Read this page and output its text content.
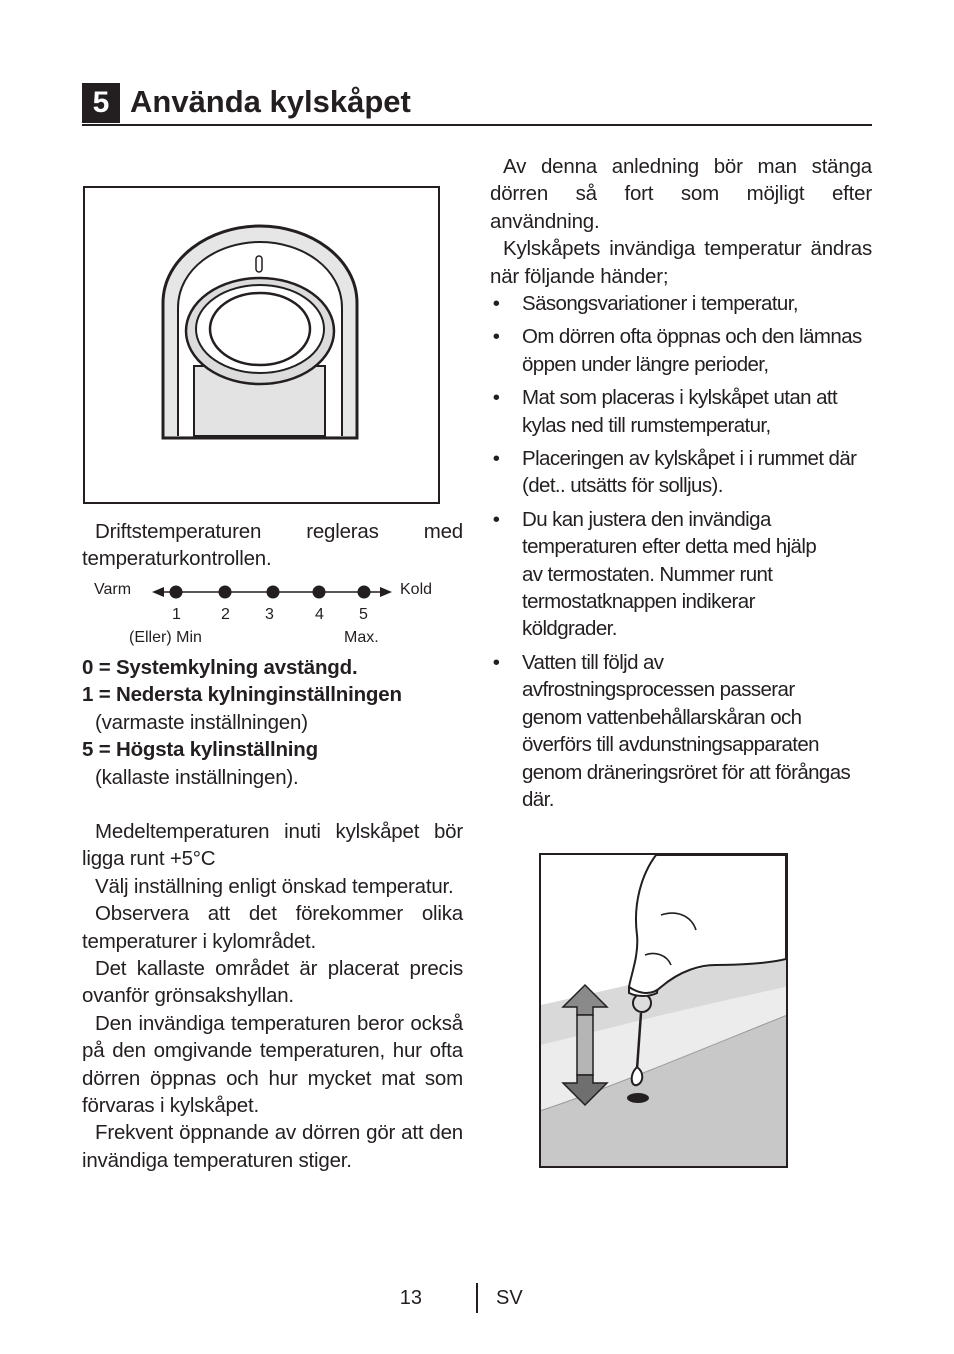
5 Använda kylskåpet

Driftstemperaturen regleras med temperaturkontrollen.

Varm	Kold
1	2 3	4 5
(Eller) Min	Max.
0 = Systemkylning avstängd.
1 = Nedersta kylninginställningen
(varmaste inställningen)
5 = Högsta kylinställning
(kallaste inställningen).

Medeltemperaturen inuti kylskåpet bör ligga runt +5°C

Välj inställning enligt önskad temperatur.

Observera att det förekommer olika temperaturer i kylområdet.

Det kallaste området är placerat precis ovanför grönsakshyllan.

Den invändiga temperaturen beror också på den omgivande temperaturen, hur ofta dörren öppnas och hur mycket mat som förvaras i kylskåpet.

Frekvent öppnande av dörren gör att den invändiga temperaturen stiger.

Av denna anledning bör man stänga dörren så fort som möjligt efter användning.

Kylskåpets invändiga temperatur ändras när följande händer;

• Säsongsvariationer i temperatur,
• Om dörren ofta öppnas och den lämnas öppen under längre perioder,
• Mat som placeras i kylskåpet utan att kylas ned till rumstemperatur,
• Placeringen av kylskåpet i i rummet där (det.. utsätts för solljus).
• Du kan justera den invändiga temperaturen efter detta med hjälp av termostaten. Nummer runt termostatknappen indikerar köldgrader.
• Vatten till följd av avfrostningsprocessen passerar genom vattenbehållarskåran och överförs till avdunstningsapparaten genom dräneringsröret för att förångas där.
13	SV
